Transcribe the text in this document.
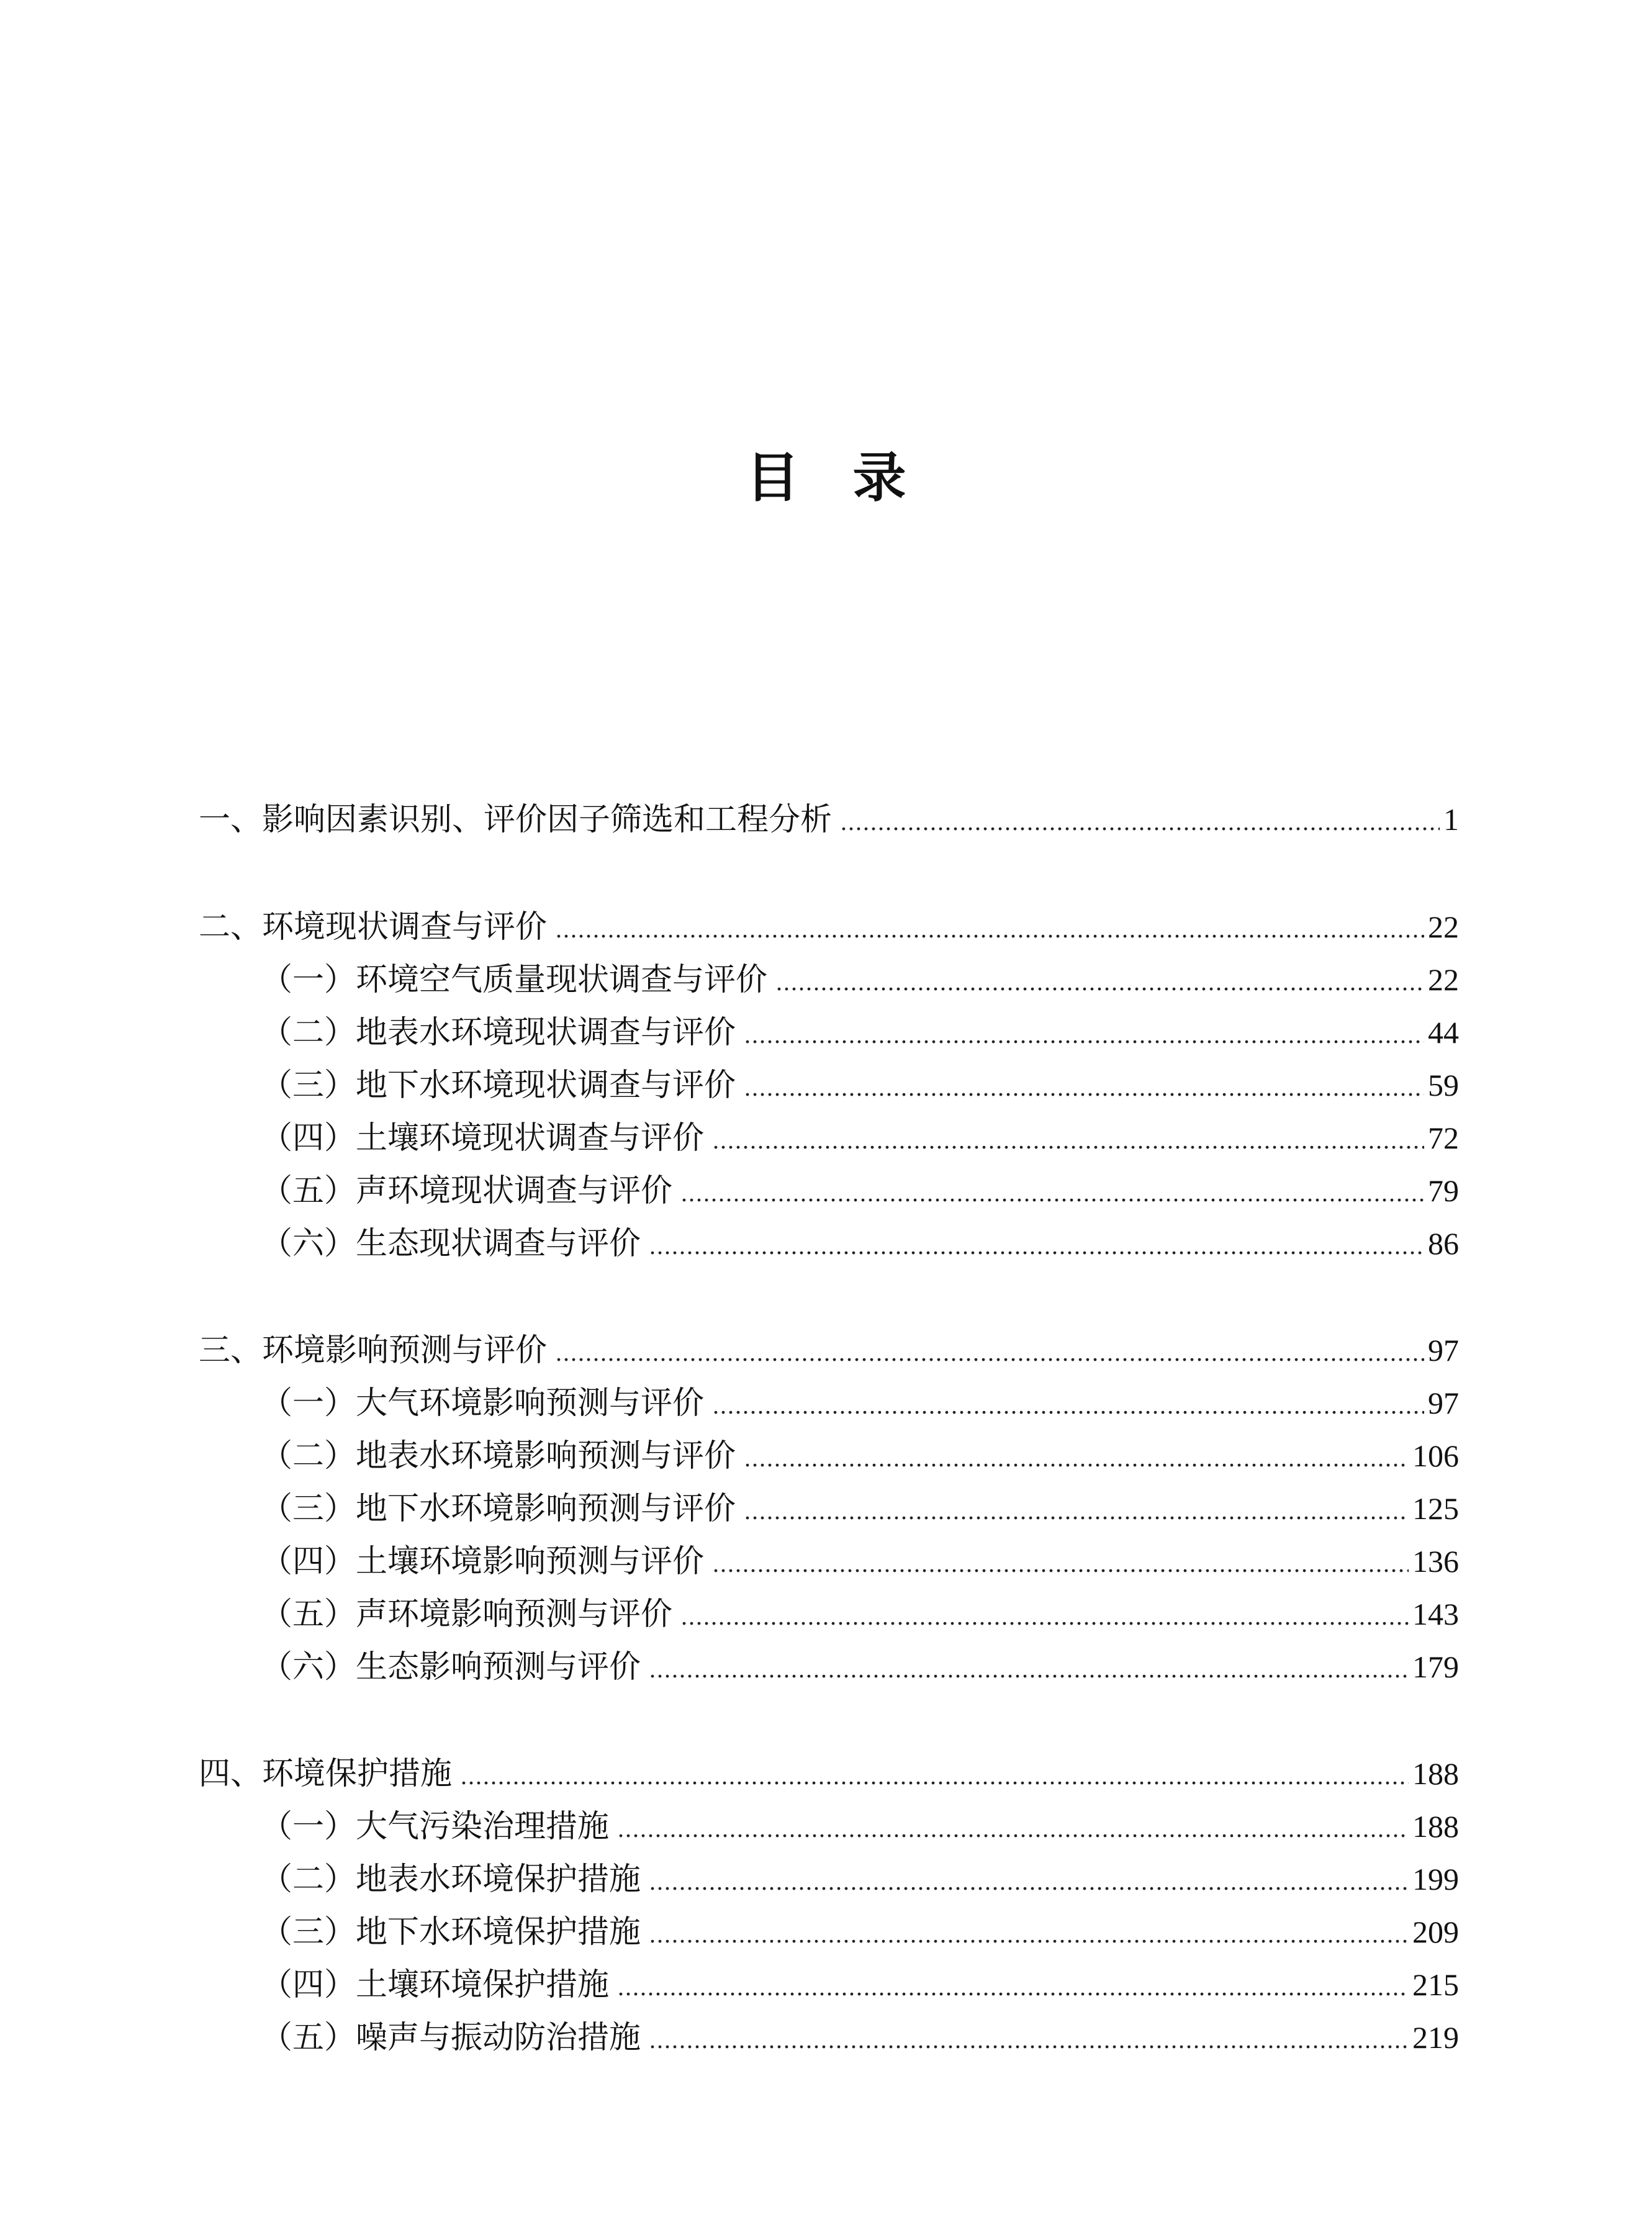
目　录
一、影响因素识别、评价因子筛选和工程分析 .....	1
二、环境现状调查与评价 .....	22
（一）环境空气质量现状调查与评价 .....	22
（二）地表水环境现状调查与评价 .....	44
（三）地下水环境现状调查与评价 .....	59
（四）土壤环境现状调查与评价 .....	72
（五）声环境现状调查与评价 .....	79
（六）生态现状调查与评价 .....	86
三、环境影响预测与评价 .....	97
（一）大气环境影响预测与评价 .....	97
（二）地表水环境影响预测与评价 .....	106
（三）地下水环境影响预测与评价 .....	125
（四）土壤环境影响预测与评价 .....	136
（五）声环境影响预测与评价 .....	143
（六）生态影响预测与评价 .....	179
四、环境保护措施 .....	188
（一）大气污染治理措施 .....	188
（二）地表水环境保护措施 .....	199
（三）地下水环境保护措施 .....	209
（四）土壤环境保护措施 .....	215
（五）噪声与振动防治措施 .....	219
